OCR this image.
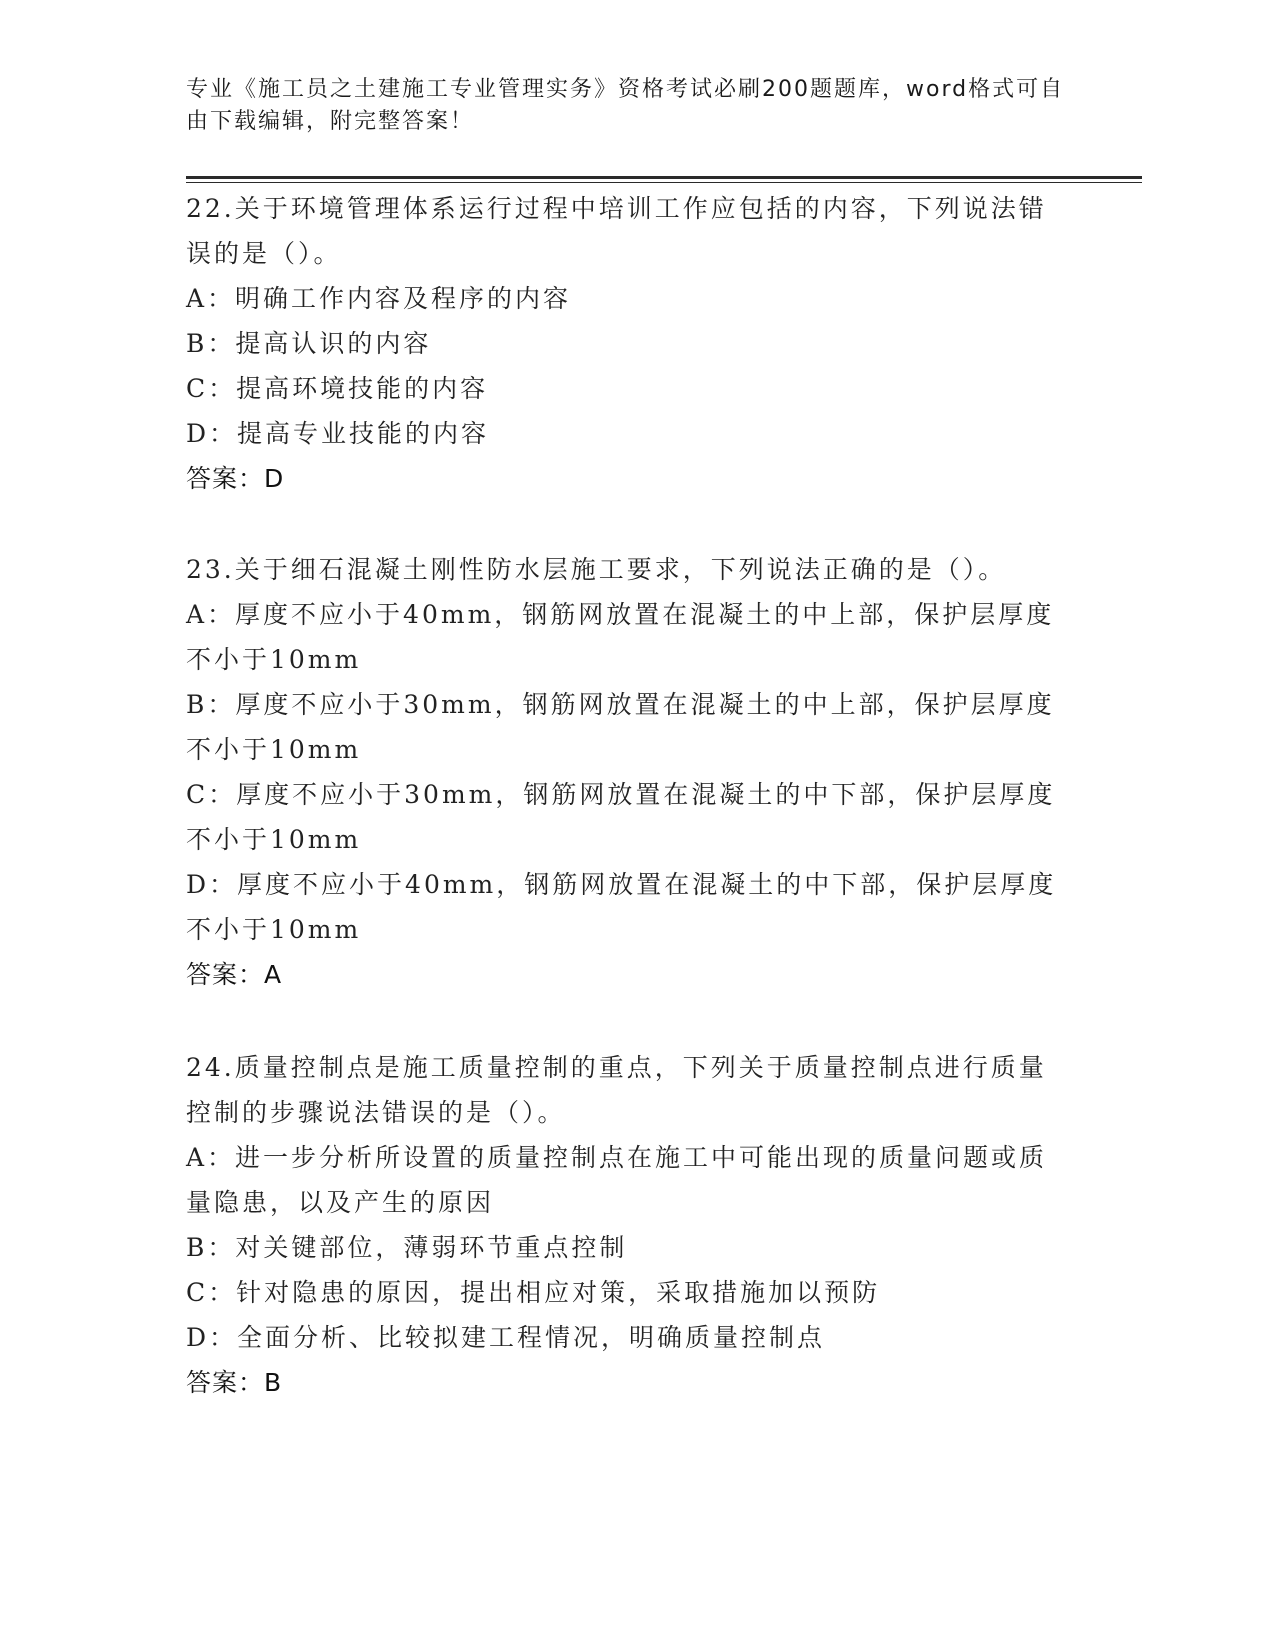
专业《施工员之土建施工专业管理实务》资格考试必刷200题题库，word格式可自由下载编辑，附完整答案！
22.关于环境管理体系运行过程中培训工作应包括的内容，下列说法错误的是（）。
A：明确工作内容及程序的内容
B：提高认识的内容
C：提高环境技能的内容
D：提高专业技能的内容
答案：D
23.关于细石混凝土刚性防水层施工要求，下列说法正确的是（）。
A：厚度不应小于40mm，钢筋网放置在混凝土的中上部，保护层厚度不小于10mm
B：厚度不应小于30mm，钢筋网放置在混凝土的中上部，保护层厚度不小于10mm
C：厚度不应小于30mm，钢筋网放置在混凝土的中下部，保护层厚度不小于10mm
D：厚度不应小于40mm，钢筋网放置在混凝土的中下部，保护层厚度不小于10mm
答案：A
24.质量控制点是施工质量控制的重点，下列关于质量控制点进行质量控制的步骤说法错误的是（）。
A：进一步分析所设置的质量控制点在施工中可能出现的质量问题或质量隐患，以及产生的原因
B：对关键部位，薄弱环节重点控制
C：针对隐患的原因，提出相应对策，采取措施加以预防
D：全面分析、比较拟建工程情况，明确质量控制点
答案：B
